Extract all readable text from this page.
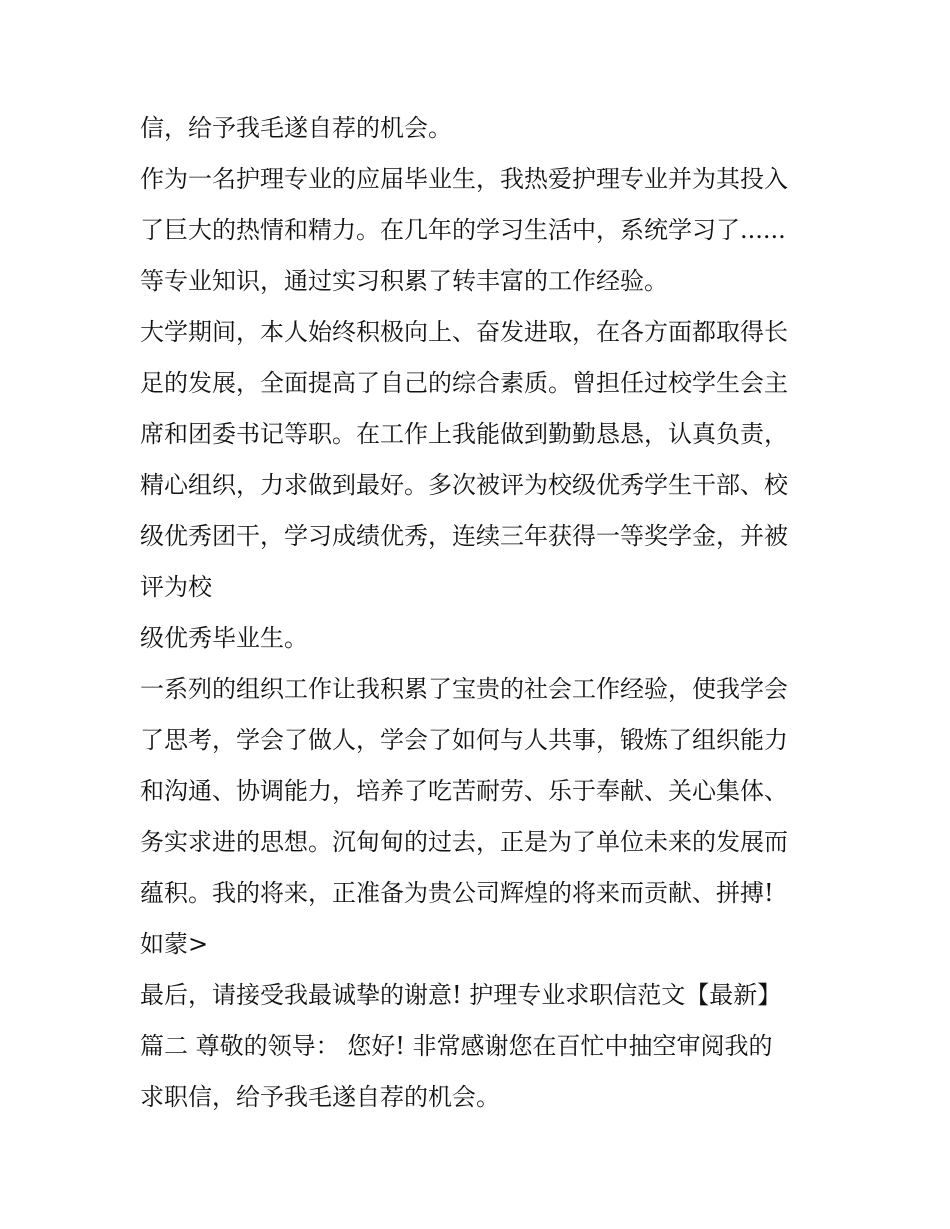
信，给予我毛遂自荐的机会。
作为一名护理专业的应届毕业生，我热爱护理专业并为其投入
了巨大的热情和精力。在几年的学习生活中，系统学习了......
等专业知识，通过实习积累了转丰富的工作经验。
大学期间，本人始终积极向上、奋发进取，在各方面都取得长
足的发展，全面提高了自己的综合素质。曾担任过校学生会主
席和团委书记等职。在工作上我能做到勤勤恳恳，认真负责，
精心组织，力求做到最好。多次被评为校级优秀学生干部、校
级优秀团干，学习成绩优秀，连续三年获得一等奖学金，并被
评为校
级优秀毕业生。
一系列的组织工作让我积累了宝贵的社会工作经验，使我学会
了思考，学会了做人，学会了如何与人共事，锻炼了组织能力
和沟通、协调能力，培养了吃苦耐劳、乐于奉献、关心集体、
务实求进的思想。沉甸甸的过去，正是为了单位未来的发展而
蕴积。我的将来，正准备为贵公司辉煌的将来而贡献、拼搏!
如蒙>
最后，请接受我最诚挚的谢意! 护理专业求职信范文【最新】
篇二 尊敬的领导： 您好! 非常感谢您在百忙中抽空审阅我的
求职信，给予我毛遂自荐的机会。
